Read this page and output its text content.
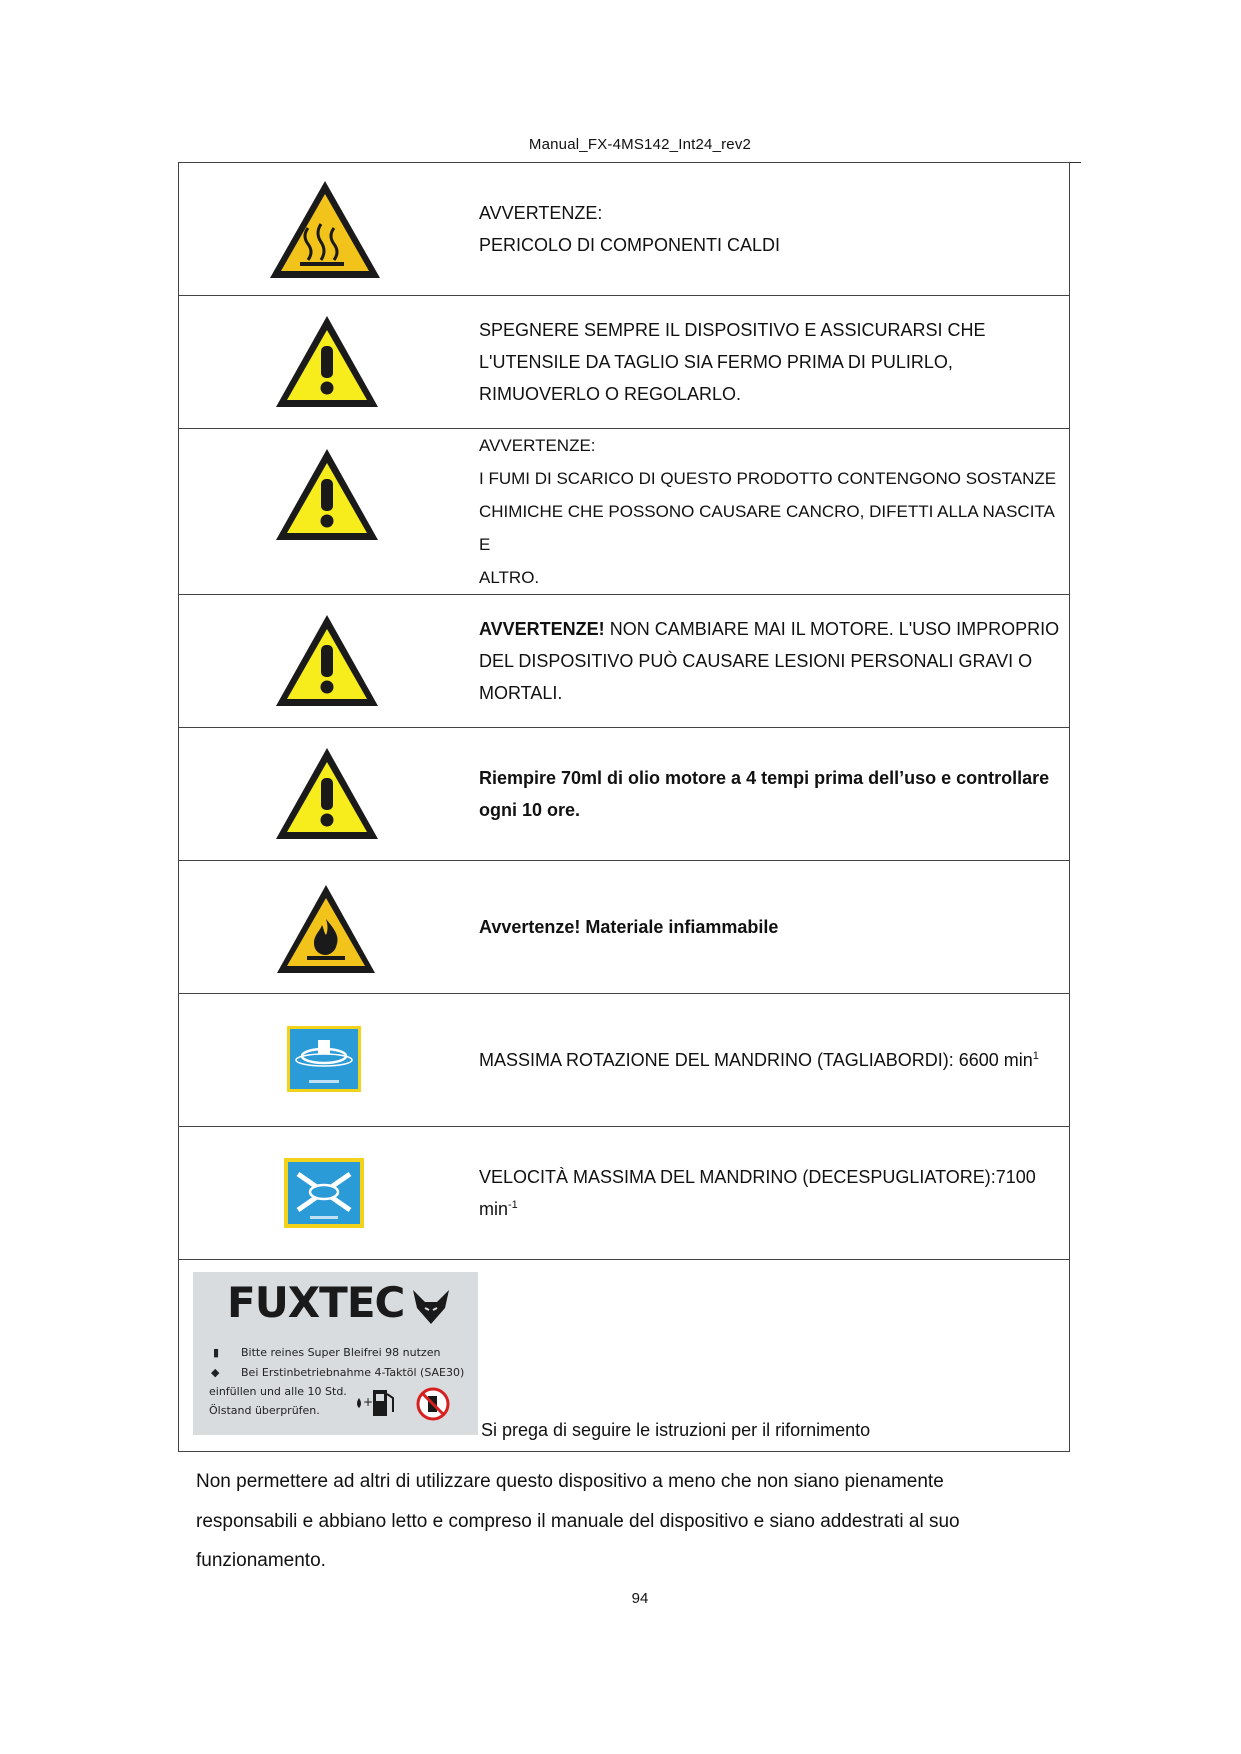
Manual_FX-4MS142_Int24_rev2
AVVERTENZE:
PERICOLO DI COMPONENTI CALDI

SPEGNERE SEMPRE IL DISPOSITIVO E ASSICURARSI CHE
L'UTENSILE DA TAGLIO SIA FERMO PRIMA DI PULIRLO,
RIMUOVERLO O REGOLARLO.

AVVERTENZE:
I FUMI DI SCARICO DI QUESTO PRODOTTO CONTENGONO SOSTANZE
CHIMICHE CHE POSSONO CAUSARE CANCRO, DIFETTI ALLA NASCITA E
ALTRO.

AVVERTENZE! NON CAMBIARE MAI IL MOTORE. L'USO IMPROPRIO
DEL DISPOSITIVO PUÒ CAUSARE LESIONI PERSONALI GRAVI O
MORTALI.

Riempire 70ml di olio motore a 4 tempi prima dell’uso e controllare
ogni 10 ore.

Avvertenze! Materiale infiammabile

MASSIMA ROTAZIONE DEL MANDRINO (TAGLIABORDI): 6600 $\min^1$

VELOCITÀ MASSIMA DEL MANDRINO (DECESPUGLIATORE):7100
$\min^{-1}$

FUXTEC
▮ Bitte reines Super Bleifrei 98 nutzen
◆ Bei Erstinbetriebnahme 4-Taktöl (SAE30)
einfüllen und alle 10 Std.
Ölstand überprüfen.
+
Si prega di seguire le istruzioni per il rifornimento
Non permettere ad altri di utilizzare questo dispositivo a meno che non siano pienamente
responsabili e abbiano letto e compreso il manuale del dispositivo e siano addestrati al suo
funzionamento.
94
